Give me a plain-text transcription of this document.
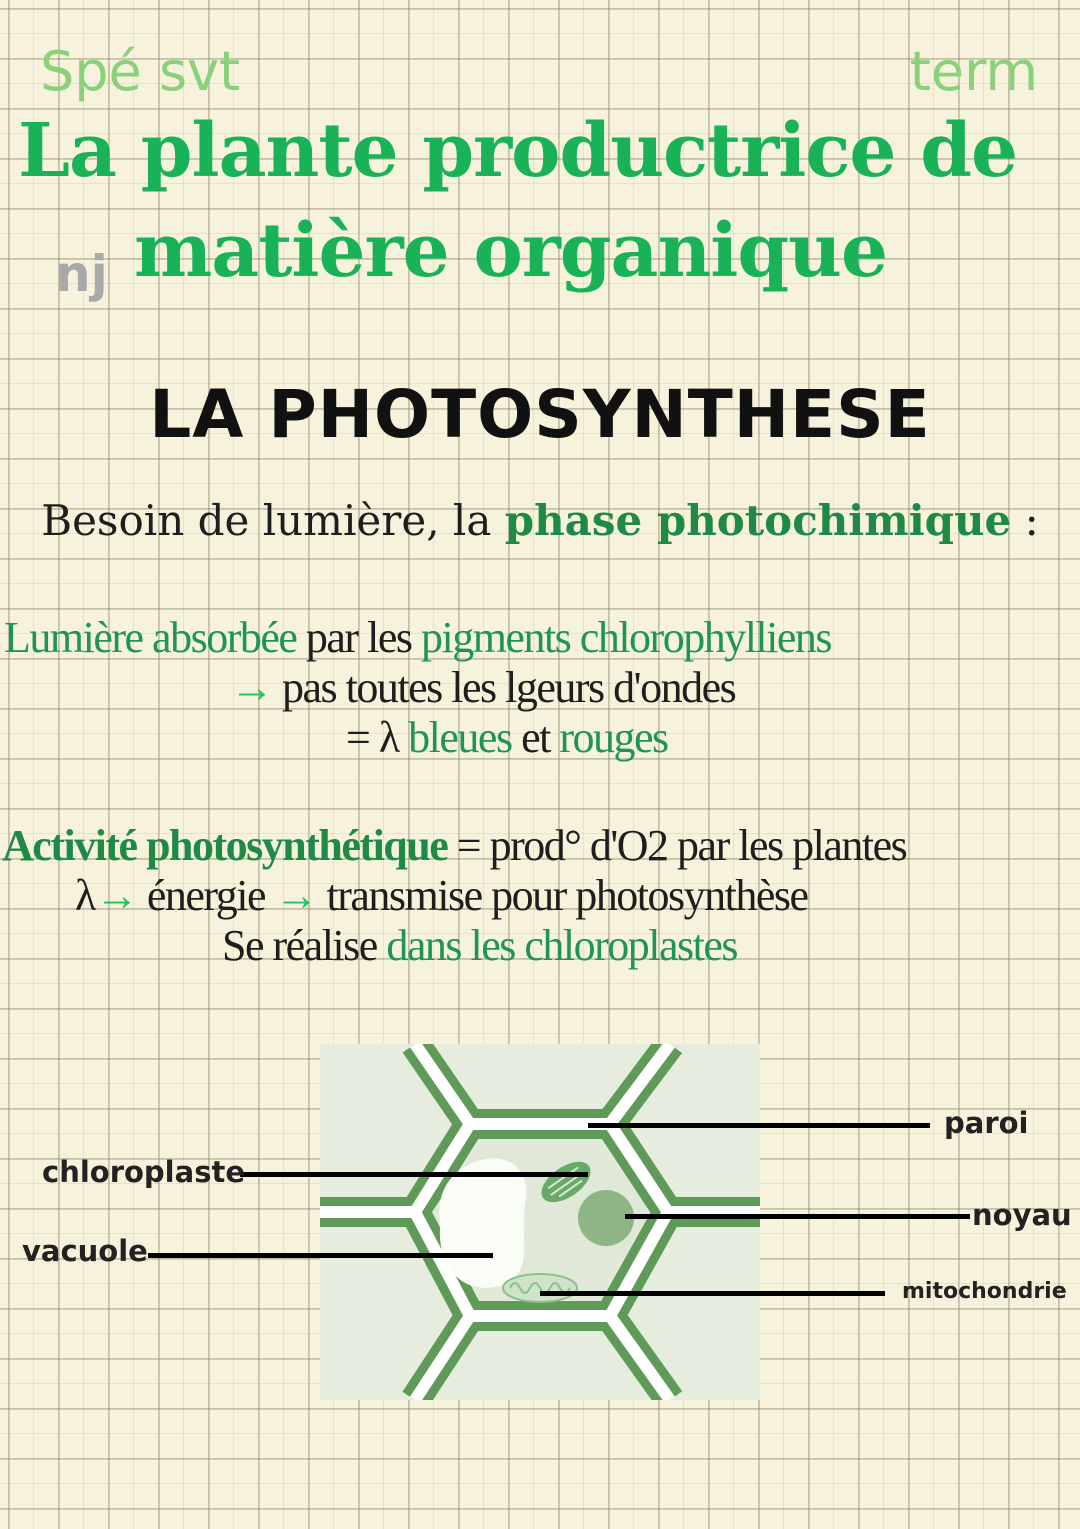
Spé svt	term
La plante productrice de
nj matière organique
LA PHOTOSYNTHESE
Besoin de lumière, la phase photochimique :
Lumière absorbée par les pigments chlorophylliens
→ pas toutes les lgeurs d'ondes
= λ bleues et rouges
Activité photosynthétique = prod° d'O2 par les plantes
λ→ énergie → transmise pour photosynthèse
Se réalise dans les chloroplastes
paroi
chloroplaste
noyau
vacuole
mitochondrie
